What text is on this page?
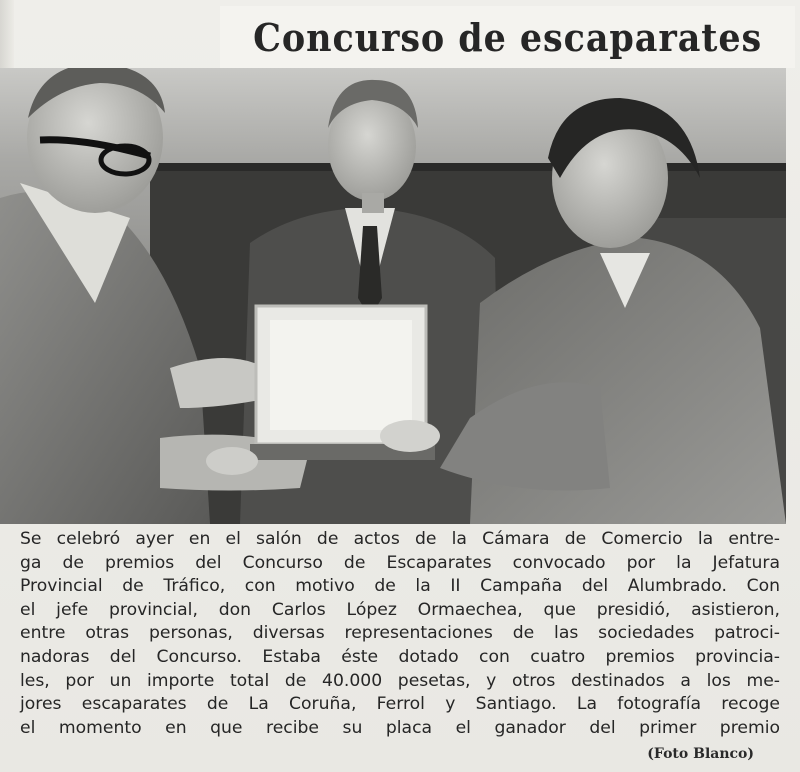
Concurso de escaparates

Se celebró ayer en el salón de actos de la Cámara de Comercio la entre-

ga de premios del Concurso de Escaparates convocado por la Jefatura

Provincial de Tráfico, con motivo de la II Campaña del Alumbrado. Con

el jefe provincial, don Carlos López Ormaechea, que presidió, asistieron,

entre otras personas, diversas representaciones de las sociedades patroci-

nadoras del Concurso. Estaba éste dotado con cuatro premios provincia-

les, por un importe total de 40.000 pesetas, y otros destinados a los me-

jores escaparates de La Coruña, Ferrol y Santiago. La fotografía recoge

el momento en que recibe su placa el ganador del primer premio

(Foto Blanco)
